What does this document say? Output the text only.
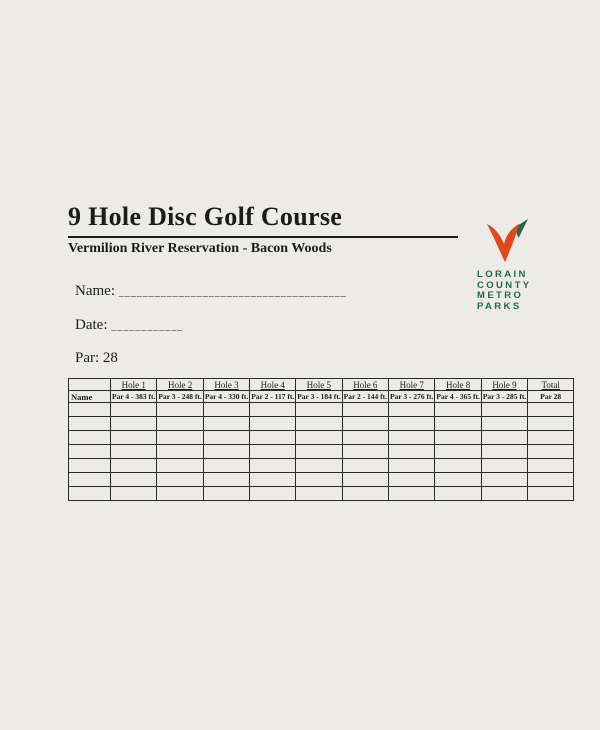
9 Hole Disc Golf Course
Vermilion River Reservation - Bacon Woods
LORAIN
COUNTY
METRO
PARKS
Name: ______________________________________
Date: ____________
Par: 28
	Hole 1	Hole 2	Hole 3	Hole 4	Hole 5	Hole 6	Hole 7	Hole 8	Hole 9	Total
Name	Par 4 - 383 ft.	Par 3 - 248 ft.	Par 4 - 330 ft.	Par 2 - 117 ft.	Par 3 - 184 ft.	Par 2 - 144 ft.	Par 3 - 276 ft.	Par 4 - 365 ft.	Par 3 - 285 ft.	Par 28
